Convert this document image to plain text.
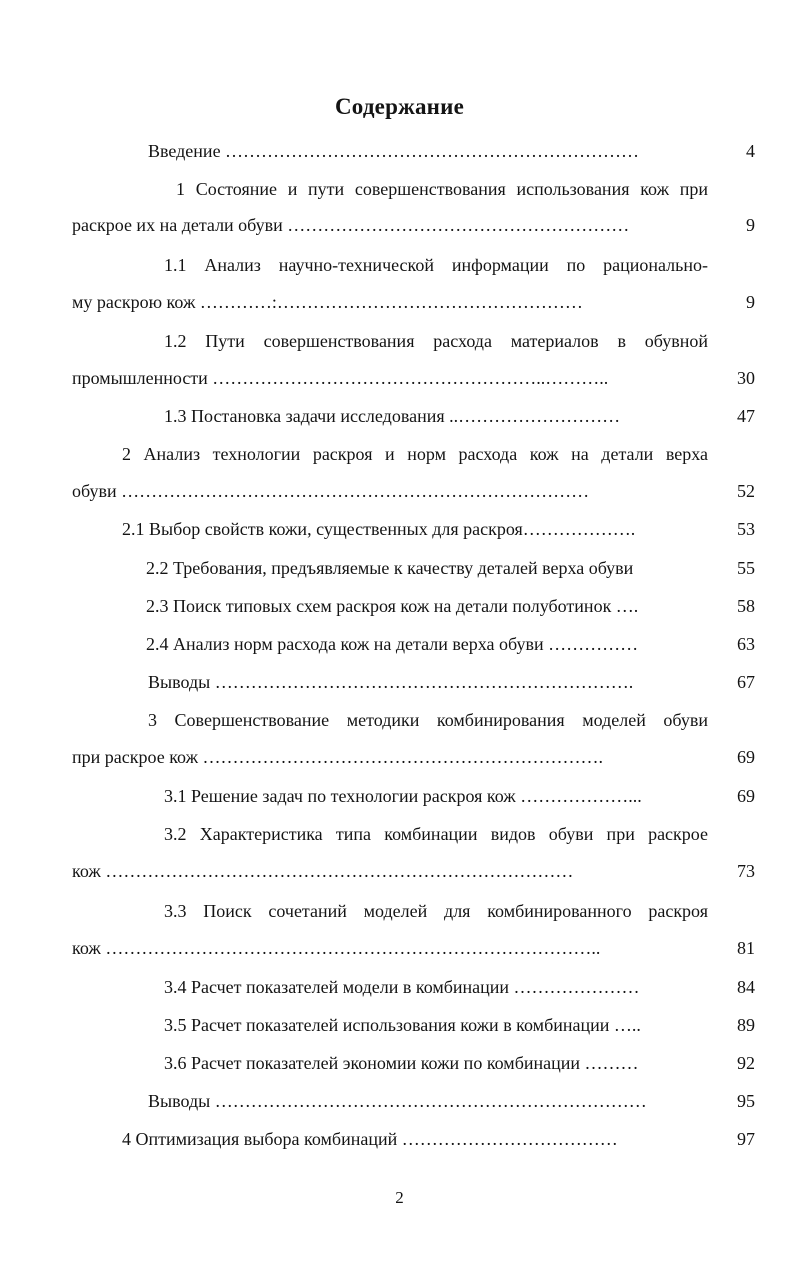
Содержание
Введение ……………………………………………………………	4
1 Состояние и пути совершенствования использования кож при
раскрое их на детали обуви …………………………………………………	9
1.1 Анализ научно-технической информации по рационально-
му раскрою кож …………:……………………………………………	9
1.2 Пути совершенствования расхода материалов в обувной
промышленности ………………………………………………..………..	30
1.3 Постановка задачи исследования ..………………………	47
2 Анализ технологии раскроя и норм расхода кож на детали верха
обуви ……………………………………………………………………	52
2.1 Выбор свойств кожи, существенных для раскроя……………….	53
2.2 Требования, предъявляемые к качеству деталей верха обуви	55
2.3 Поиск типовых схем раскроя кож на детали полуботинок ….	58
2.4 Анализ норм расхода кож на детали верха обуви ……………	63
Выводы …………………………………………………………….	67
3 Совершенствование методики комбинирования моделей обуви
при раскрое кож ………………………………………………………….	69
3.1 Решение задач по технологии раскроя кож ………………...	69
3.2 Характеристика типа комбинации видов обуви при раскрое
кож ……………………………………………………………………	73
3.3 Поиск сочетаний моделей для комбинированного раскроя
кож ………………………………………………………………………..	81
3.4 Расчет показателей модели в комбинации …………………	84
3.5 Расчет показателей использования кожи в комбинации …..	89
3.6 Расчет показателей экономии кожи по комбинации ………	92
Выводы ………………………………………………………………	95
4 Оптимизация выбора комбинаций ………………………………	97
2
